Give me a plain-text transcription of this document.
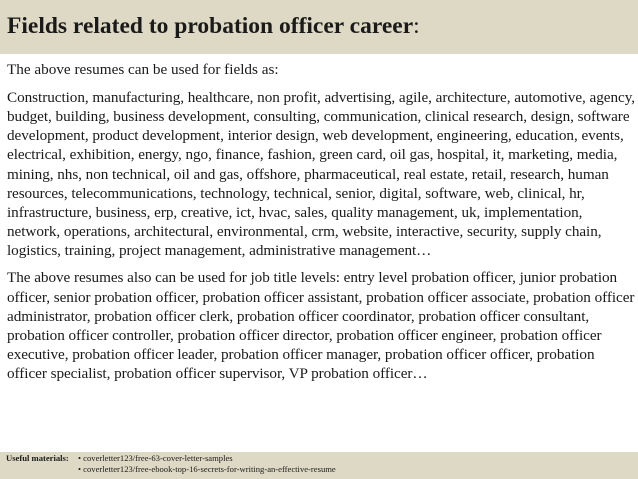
Fields related to probation officer career:

The above resumes can be used for fields as:

Construction, manufacturing, healthcare, non profit, advertising, agile, architecture, automotive, agency, budget, building, business development, consulting, communication, clinical research, design, software development, product development, interior design, web development, engineering, education, events, electrical, exhibition, energy, ngo, finance, fashion, green card, oil gas, hospital, it, marketing, media, mining, nhs, non technical, oil and gas, offshore, pharmaceutical, real estate, retail, research, human resources, telecommunications, technology, technical, senior, digital, software, web, clinical, hr, infrastructure, business, erp, creative, ict, hvac, sales, quality management, uk, implementation, network, operations, architectural, environmental, crm, website, interactive, security, supply chain, logistics, training, project management, administrative management…

The above resumes also can be used for job title levels: entry level probation officer, junior probation officer, senior probation officer, probation officer assistant, probation officer associate, probation officer administrator, probation officer clerk, probation officer coordinator, probation officer consultant, probation officer controller, probation officer director, probation officer engineer, probation officer executive, probation officer leader, probation officer manager, probation officer officer, probation officer specialist, probation officer supervisor, VP probation officer…

Useful materials:• coverletter123/free-63-cover-letter-samples
• coverletter123/free-ebook-top-16-secrets-for-writing-an-effective-resume
